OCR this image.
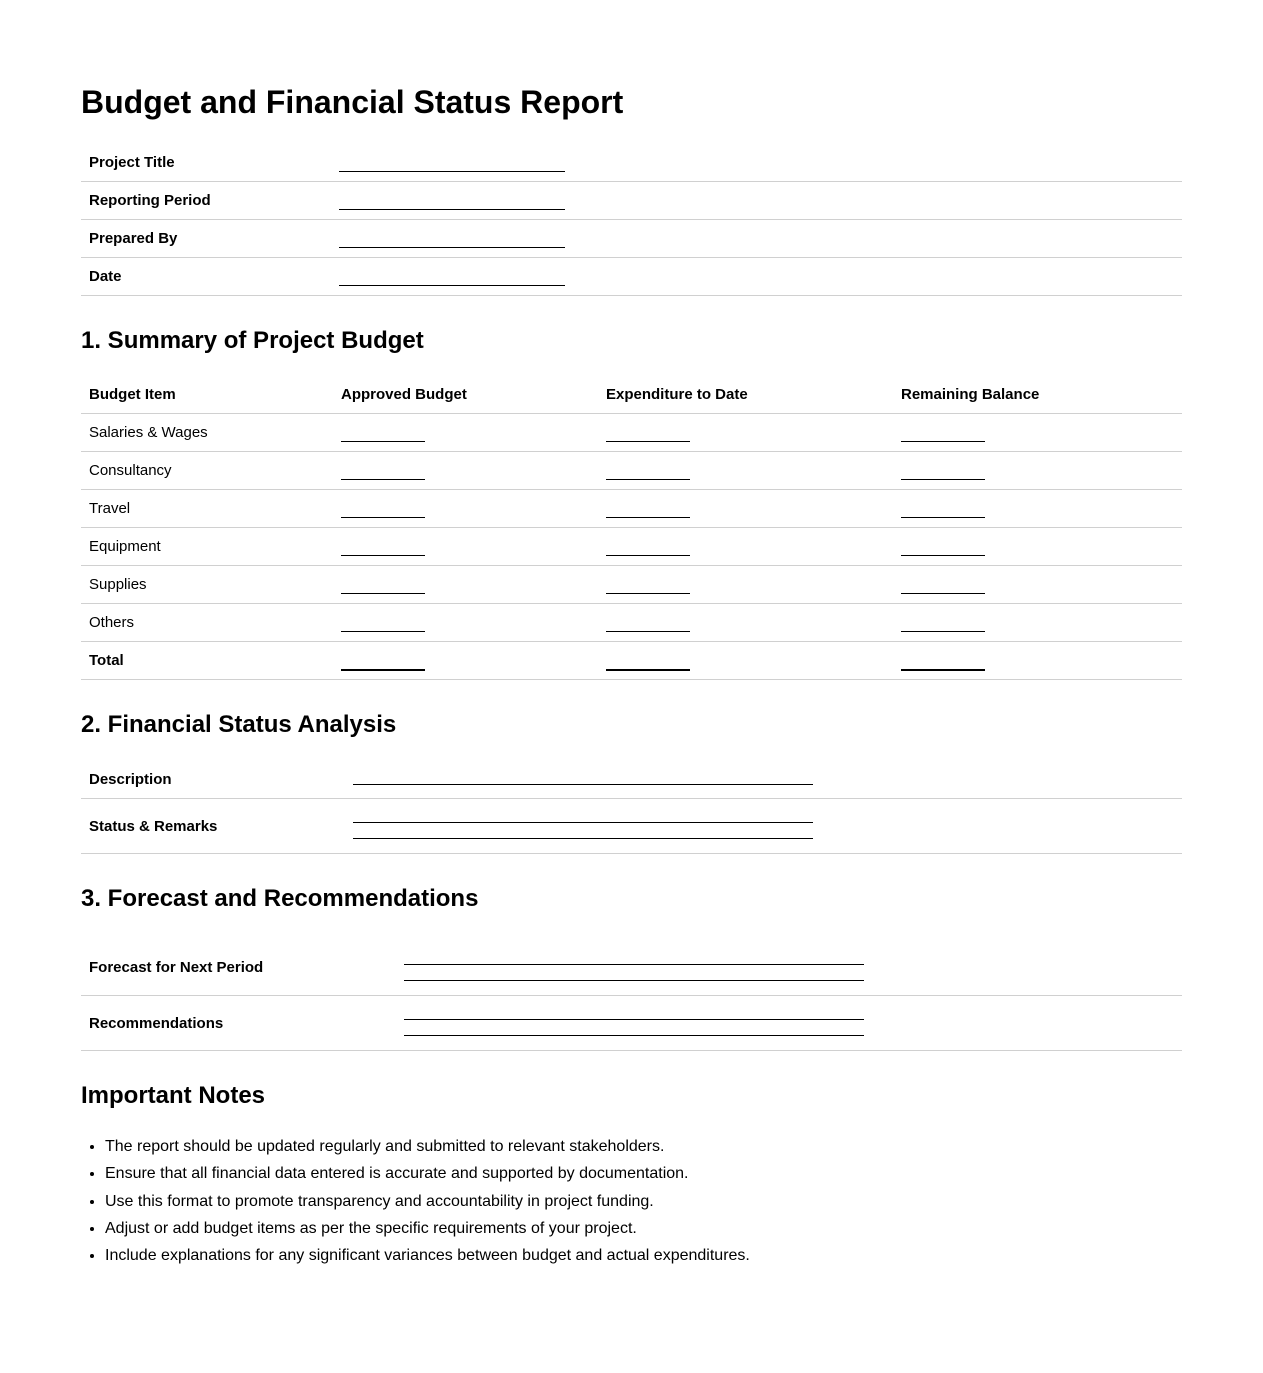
Budget and Financial Status Report
Project Title	
Reporting Period	
Prepared By	
Date	
1. Summary of Project Budget
Budget Item	Approved Budget	Expenditure to Date	Remaining Balance
Salaries & Wages			
Consultancy			
Travel			
Equipment			
Supplies			
Others			
Total			
2. Financial Status Analysis
Description	

Status & Remarks	
3. Forecast and Recommendations
Forecast for Next Period	

Recommendations	
Important Notes
• The report should be updated regularly and submitted to relevant stakeholders.
• Ensure that all financial data entered is accurate and supported by documentation.
• Use this format to promote transparency and accountability in project funding.
• Adjust or add budget items as per the specific requirements of your project.
• Include explanations for any significant variances between budget and actual expenditures.
